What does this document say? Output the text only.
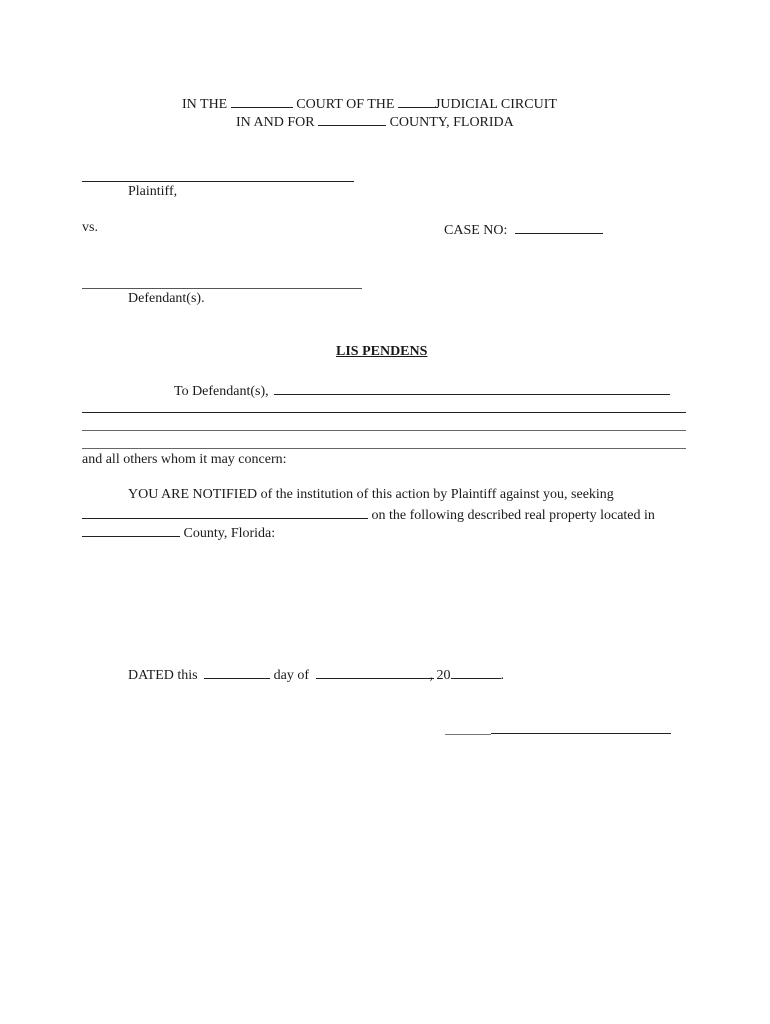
IN THE	COURT OF THE	JUDICIAL CIRCUIT
IN AND FOR	COUNTY, FLORIDA
Plaintiff,
vs.	CASE NO:
Defendant(s).
LIS PENDENS
To Defendant(s),
and all others whom it may concern:
YOU ARE NOTIFIED of the institution of this action by Plaintiff against you, seeking
on the following described real property located in
County, Florida:
DATED this	day of	, 20	.
